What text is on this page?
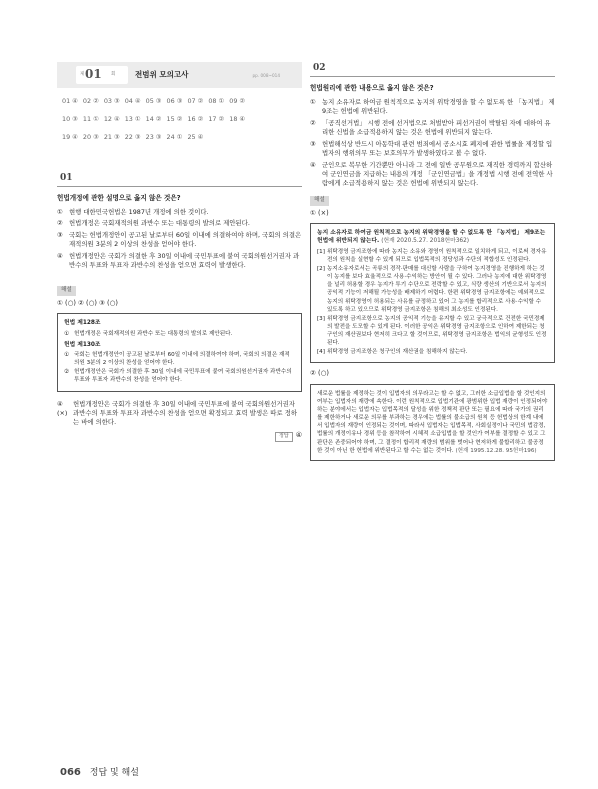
제 01 회	전범위 모의고사	pp. 008~014
01 ④ 02 ② 03 ③ 04 ④ 05 ③ 06 ③ 07 ② 08 ① 09 ②
10 ③ 11 ① 12 ④ 13 ① 14 ② 15 ② 16 ② 17 ② 18 ④
19 ④ 20 ③ 21 ③ 22 ③ 23 ③ 24 ① 25 ④
01
헌법개정에 관한 설명으로 옳지 않은 것은?
① 현행 대한민국헌법은 1987년 개정에 의한 것이다.
② 헌법개정은 국회재적의원 과반수 또는 대통령의 발의로 제안된다.
③ 국회는 헌법개정안이 공고된 날로부터 60일 이내에 의결하여야 하며, 국회의 의결은 재적의원 3분의 2 이상의 찬성을 얻어야 한다.
④ 헌법개정안은 국회가 의결한 후 30일 이내에 국민투표에 붙여 국회의원선거권자 과반수의 투표와 투표자 과반수의 찬성을 얻으면 효력이 발생한다.
해설
① (○) ② (○) ③ (○)
헌법 제128조
① 헌법개정은 국회재적의원 과반수 또는 대통령의 발의로 제안된다.
헌법 제130조
① 국회는 헌법개정안이 공고된 날로부터 60일 이내에 의결하여야 하며, 국회의 의결은 재적의원 3분의 2 이상의 찬성을 얻어야 한다.
② 헌법개정안은 국회가 의결한 후 30일 이내에 국민투표에 붙여 국회의원선거권자 과반수의 투표와 투표자 과반수의 찬성을 얻어야 한다.
④ (×)
헌법개정안은 국회가 의결한 후 30일 이내에 국민투표에 붙여 국회의원선거권자 과반수의 투표와 투표자 과반수의 찬성을 얻으면 확정되고 효력 발생은 따로 정하는 바에 의한다.
정답 ④
02
헌법원리에 관한 내용으로 옳지 않은 것은?
① 농지 소유자로 하여금 원칙적으로 농지의 위탁경영을 할 수 없도록 한 「농지법」 제9조는 헌법에 위반된다.
② 「공직선거법」 시행 전에 선거법으로 처벌받아 피선거권이 박탈된 자에 대하여 유리한 신법을 소급적용하지 않는 것은 헌법에 위반되지 않는다.
③ 헌법해석상 반드시 아동학대 관련 범죄에서 공소시효 폐지에 관한 법률을 제정할 입법자의 행위의무 또는 보호의무가 발생하였다고 볼 수 없다.
④ 군인으로 복무한 기간뿐만 아니라 그 전에 일반 공무원으로 재직한 경력까지 합산하여 군인연금을 지급하는 내용의 개정 「군인연금법」을 개정법 시행 전에 전역한 사람에게 소급적용하지 않는 것은 헌법에 위반되지 않는다.
해설
① (×)
농지 소유자로 하여금 원칙적으로 농지의 위탁경영을 할 수 없도록 한 「농지법」 제9조는 헌법에 위반되지 않는다. (헌재 2020.5.27. 2018헌마362)
[1] 위탁경영 금지조항에 따라 농지는 소유와 경영이 원칙적으로 일치하게 되고, 이로써 경자유전의 원칙을 실현할 수 있게 되므로 입법목적의 정당성과 수단의 적합성도 인정된다.
[2] 농지소유자로서는 곡류의 경작·판매를 대신할 사람을 구하여 농지경영을 진행하게 하는 것이 농지를 보다 효율적으로 사용·수익하는 방안이 될 수 있다. 그러나 농지에 대한 위탁경영을 널리 허용할 경우 농지가 투기 수단으로 전락할 수 있고, 식량 생산의 기반으로서 농지의 공익적 기능이 저해될 가능성을 배제하기 어렵다. 한편 위탁경영 금지조항에는 예외적으로 농지의 위탁경영이 허용되는 사유를 규정하고 있어 그 농지를 합리적으로 사용·수익할 수 있도록 하고 있으므로 위탁경영 금지조항은 침해의 최소성도 인정된다.
[3] 위탁경영 금지조항으로 농지의 공익적 기능을 유지할 수 있고 궁극적으로 건전한 국민경제의 발전을 도모할 수 있게 된다. 이러한 공익은 위탁경영 금지조항으로 인하여 제한되는 청구인의 재산권보다 현저히 크다고 할 것이므로, 위탁경영 금지조항은 법익의 균형성도 인정된다.
[4] 위탁경영 금지조항은 청구인의 재산권을 침해하지 않는다.
② (○)
새로운 법률을 제정하는 것이 입법자의 의무라고는 할 수 없고, 그러한 소급입법을 할 것인지의 여부는 입법자의 재량에 속한다. 이런 원칙적으로 입법기관에 광범위한 입법 재량이 인정되어야 하는 분야에서는 입법자는 입법목적의 달성을 위한 정책적 판단 또는 필요에 따라 국가의 권리를 제한하거나 새로운 의무를 부과하는 경우에는 법률의 불소급의 원칙 등 헌법상의 한계 내에서 입법자의 재량이 인정되는 것이며, 따라서 입법자는 입법목적, 사회실정이나 국민의 법감정, 법률의 개정이유나 경위 등을 참작하여 시혜적 소급입법을 할 것인가 여부를 결정할 수 있고 그 판단은 존중되어야 하며, 그 결정이 합리적 재량의 범위를 벗어나 현저하게 불합리하고 불공정한 것이 아닌 한 헌법에 위반된다고 할 수는 없는 것이다. (헌재 1995.12.28. 95헌마196)
066 정답 및 해설
